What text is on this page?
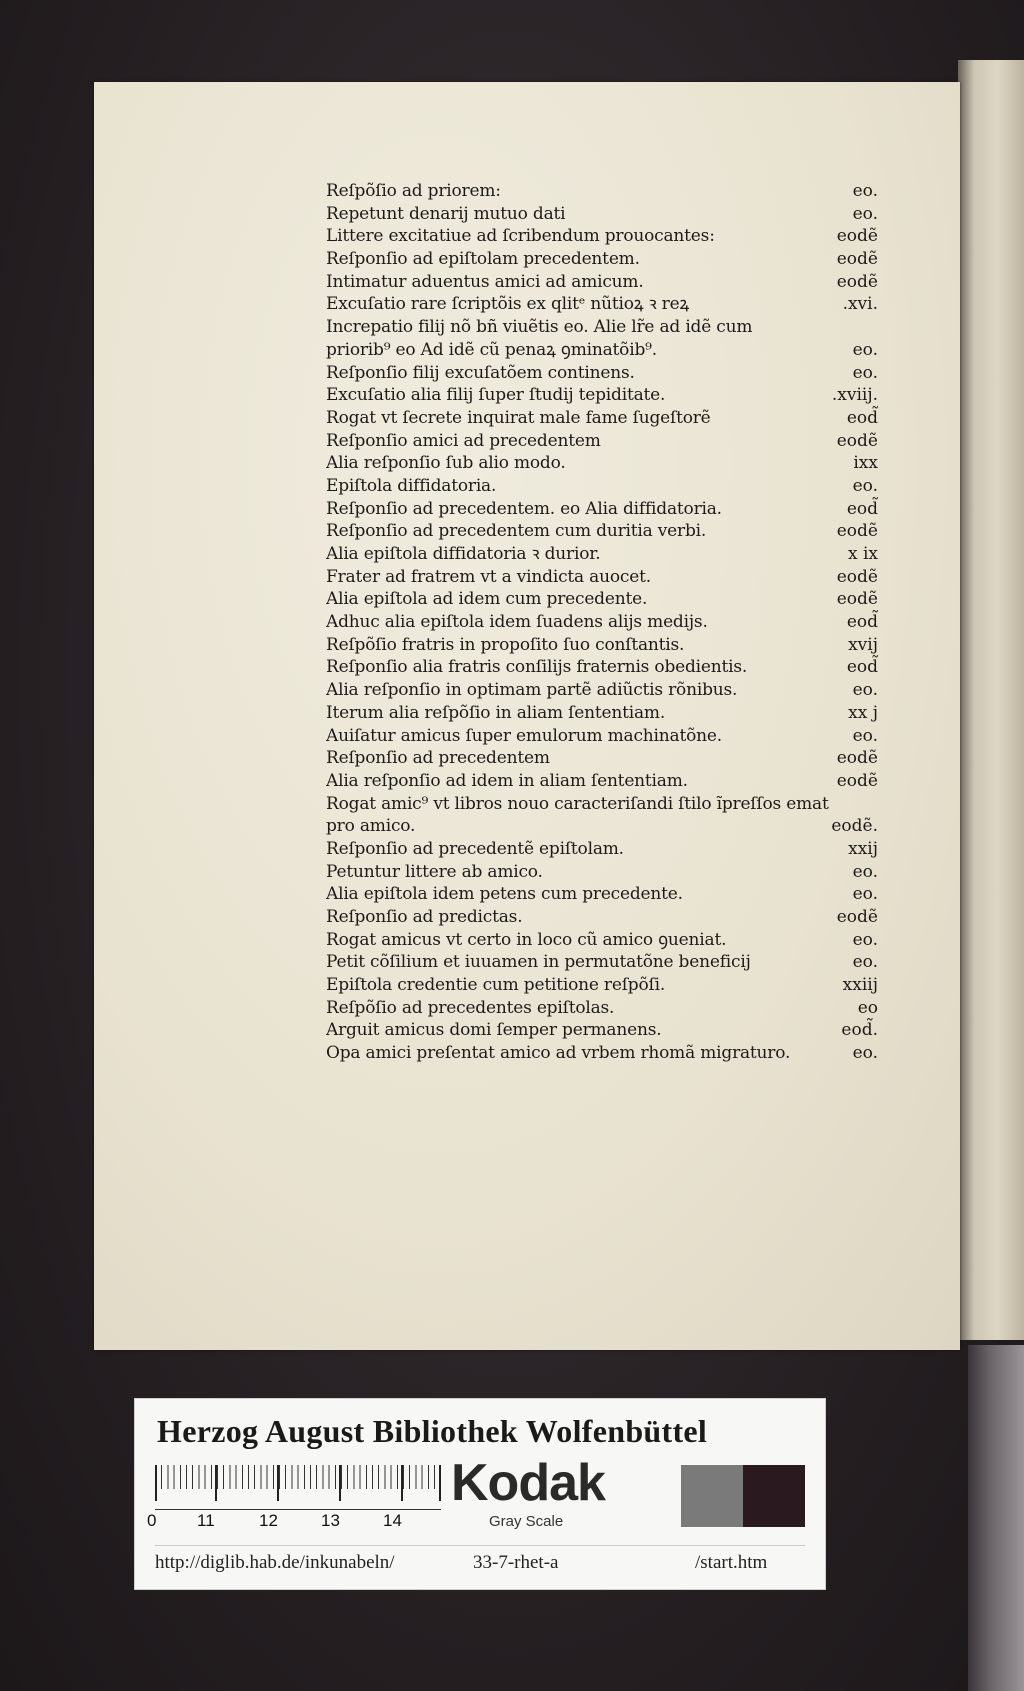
Reſpõſio ad priorem:	eo.
Repetunt denarij mutuo dati	eo.
Littere excitatiue ad ſcribendum prouocantes:	eodẽ
Reſponſio ad epiſtolam precedentem.	eodẽ
Intimatur aduentus amici ad amicum.	eodẽ
Excuſatio rare ſcriptõis ex qlitᵉ nũtioꝝ ꝛ reꝝ	.xvi.
Increpatio filij nõ bñ viuẽtis eo. Alie lr̃e ad idẽ cum
priorib⁹ eo Ad idẽ cũ penaꝝ ꝯminatõib⁹.	eo.
Reſponſio filij excuſatõem continens.	eo.
Excuſatio alia filij ſuper ſtudij tepiditate.	.xviij.
Rogat vt ſecrete inquirat male fame ſugeſtorẽ	eod̃
Reſponſio amici ad precedentem	eodẽ
Alia reſponſio ſub alio modo.	ixx
Epiſtola diffidatoria.	eo.
Reſponſio ad precedentem. eo Alia diffidatoria.	eod̃
Reſponſio ad precedentem cum duritia verbi.	eodẽ
Alia epiſtola diffidatoria ꝛ durior.	x ix
Frater ad fratrem vt a vindicta auocet.	eodẽ
Alia epiſtola ad idem cum precedente.	eodẽ
Adhuc alia epiſtola idem ſuadens alijs medijs.	eod̃
Reſpõſio fratris in propoſito ſuo conſtantis.	xvij
Reſponſio alia fratris conſilijs fraternis obedientis.	eod̃
Alia reſponſio in optimam partẽ adiũctis rõnibus.	eo.
Iterum alia reſpõſio in aliam ſententiam.	xx j
Auiſatur amicus ſuper emulorum machinatõne.	eo.
Reſponſio ad precedentem	eodẽ
Alia reſponſio ad idem in aliam ſententiam.	eodẽ
Rogat amic⁹ vt libros nouo caracteriſandi ſtilo ĩpreſſos emat
pro amico.	eodẽ.
Reſponſio ad precedentẽ epiſtolam.	xxij
Petuntur littere ab amico.	eo.
Alia epiſtola idem petens cum precedente.	eo.
Reſponſio ad predictas.	eodẽ
Rogat amicus vt certo in loco cũ amico ꝯueniat.	eo.
Petit cõſilium et iuuamen in permutatõne beneficij	eo.
Epiſtola credentie cum petitione reſpõſi.	xxiij
Reſpõſio ad precedentes epiſtolas.	eo
Arguit amicus domi ſemper permanens.	eod̃.
Opa amici preſentat amico ad vrbem rhomã migraturo.	eo.
Herzog August Bibliothek Wolfenbüttel
0 11	12	13	14
Kodak
Gray Scale
http://diglib.hab.de/inkunabeln/	33-7-rhet-a	/start.htm
